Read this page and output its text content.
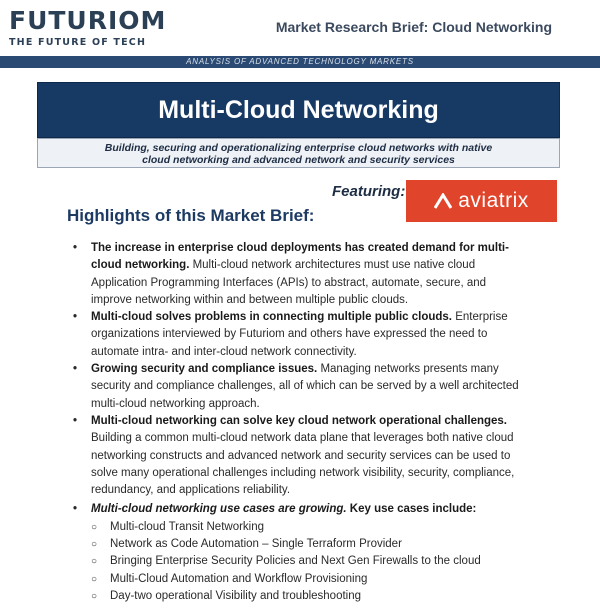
FUTURIOM
THE FUTURE OF TECH
Market Research Brief: Cloud Networking
ANALYSIS OF ADVANCED TECHNOLOGY MARKETS
Multi-Cloud Networking
Building, securing and operationalizing enterprise cloud networks with native
cloud networking and advanced network and security services
Featuring:	aviatrix
Highlights of this Market Brief:
• The increase in enterprise cloud deployments has created demand for multi-cloud networking. Multi-cloud network architectures must use native cloud Application Programming Interfaces (APIs) to abstract, automate, secure, and improve networking within and between multiple public clouds.
• Multi-cloud solves problems in connecting multiple public clouds. Enterprise organizations interviewed by Futuriom and others have expressed the need to automate intra- and inter-cloud network connectivity.
• Growing security and compliance issues. Managing networks presents many security and compliance challenges, all of which can be served by a well architected multi-cloud networking approach.
• Multi-cloud networking can solve key cloud network operational challenges. Building a common multi-cloud network data plane that leverages both native cloud networking constructs and advanced network and security services can be used to solve many operational challenges including network visibility, security, compliance, redundancy, and applications reliability.
• Multi-cloud networking use cases are growing. Key use cases include:
○ Multi-cloud Transit Networking
○ Network as Code Automation – Single Terraform Provider
○ Bringing Enterprise Security Policies and Next Gen Firewalls to the cloud
○ Multi-Cloud Automation and Workflow Provisioning
○ Day-two operational Visibility and troubleshooting
